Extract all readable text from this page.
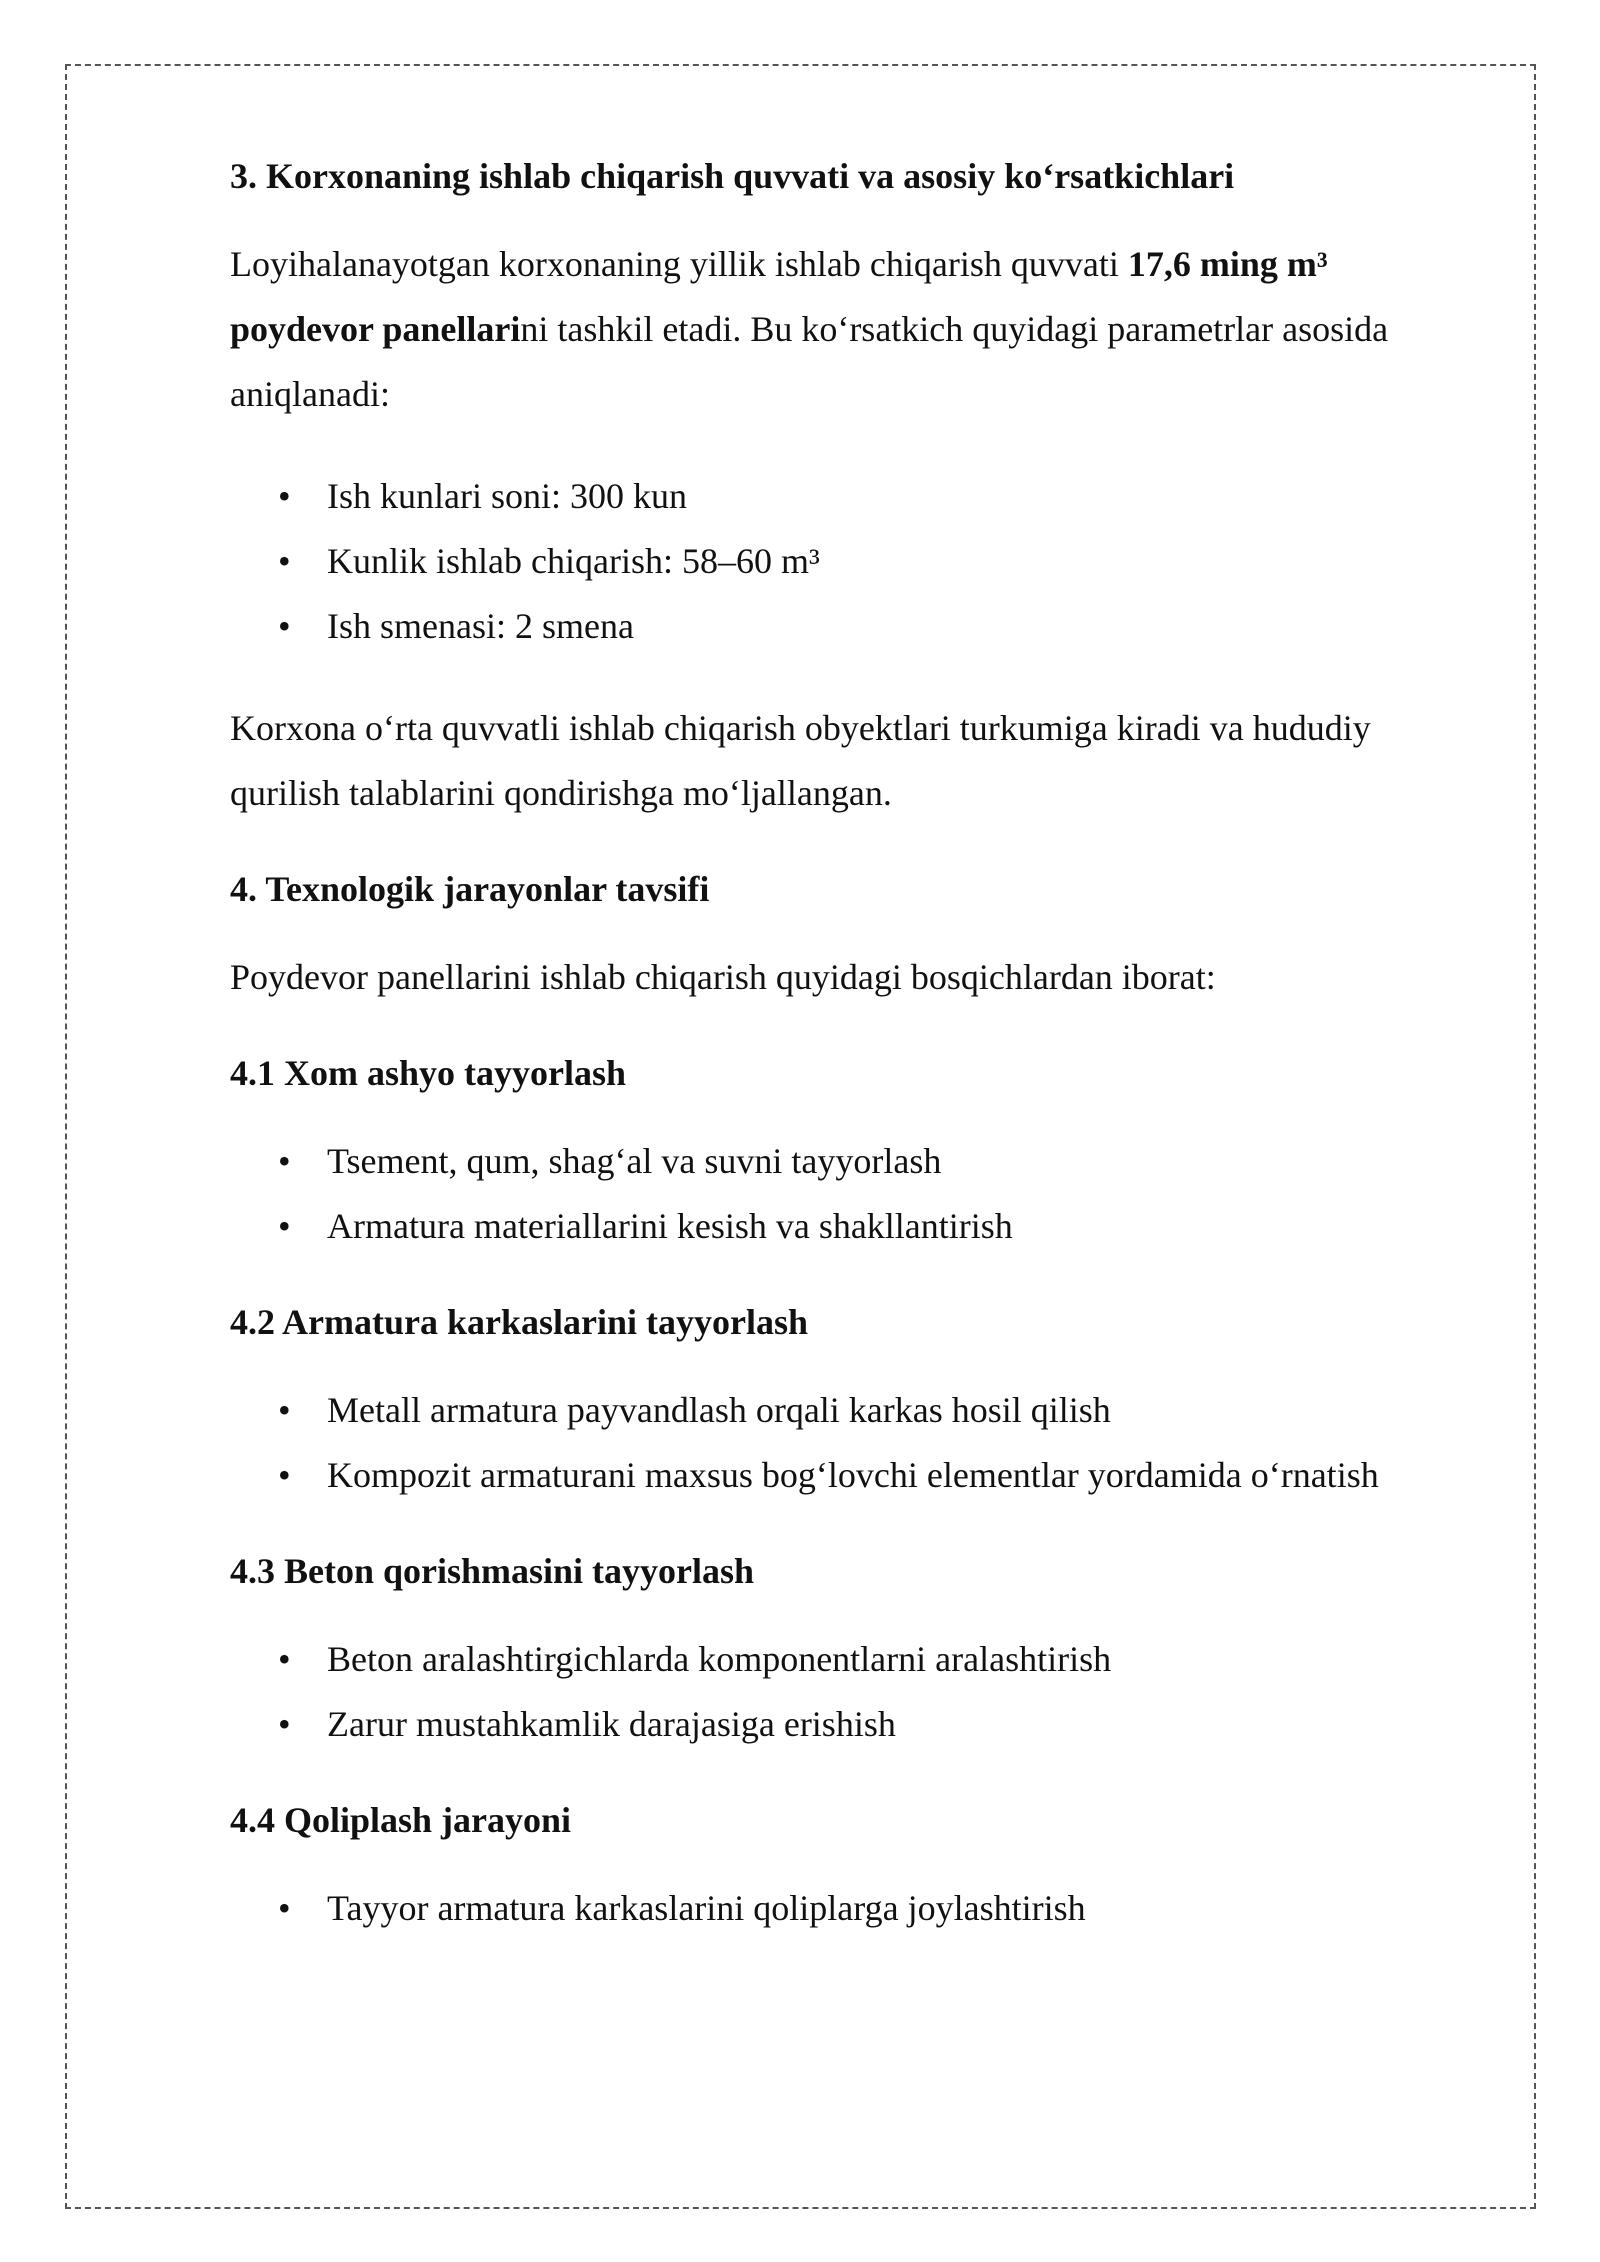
3. Korxonaning ishlab chiqarish quvvati va asosiy koʻrsatkichlari

Loyihalanayotgan korxonaning yillik ishlab chiqarish quvvati 17,6 ming m³ poydevor panellarini tashkil etadi. Bu koʻrsatkich quyidagi parametrlar asosida aniqlanadi:

• Ish kunlari soni: 300 kun
• Kunlik ishlab chiqarish: 58–60 m³
• Ish smenasi: 2 smena

Korxona oʻrta quvvatli ishlab chiqarish obyektlari turkumiga kiradi va hududiy qurilish talablarini qondirishga moʻljallangan.

4. Texnologik jarayonlar tavsifi

Poydevor panellarini ishlab chiqarish quyidagi bosqichlardan iborat:

4.1 Xom ashyo tayyorlash
• Tsement, qum, shagʻal va suvni tayyorlash
• Armatura materiallarini kesish va shakllantirish
4.2 Armatura karkaslarini tayyorlash
• Metall armatura payvandlash orqali karkas hosil qilish
• Kompozit armaturani maxsus bogʻlovchi elementlar yordamida oʻrnatish
4.3 Beton qorishmasini tayyorlash
• Beton aralashtirgichlarda komponentlarni aralashtirish
• Zarur mustahkamlik darajasiga erishish
4.4 Qoliplash jarayoni
• Tayyor armatura karkaslarini qoliplarga joylashtirish
